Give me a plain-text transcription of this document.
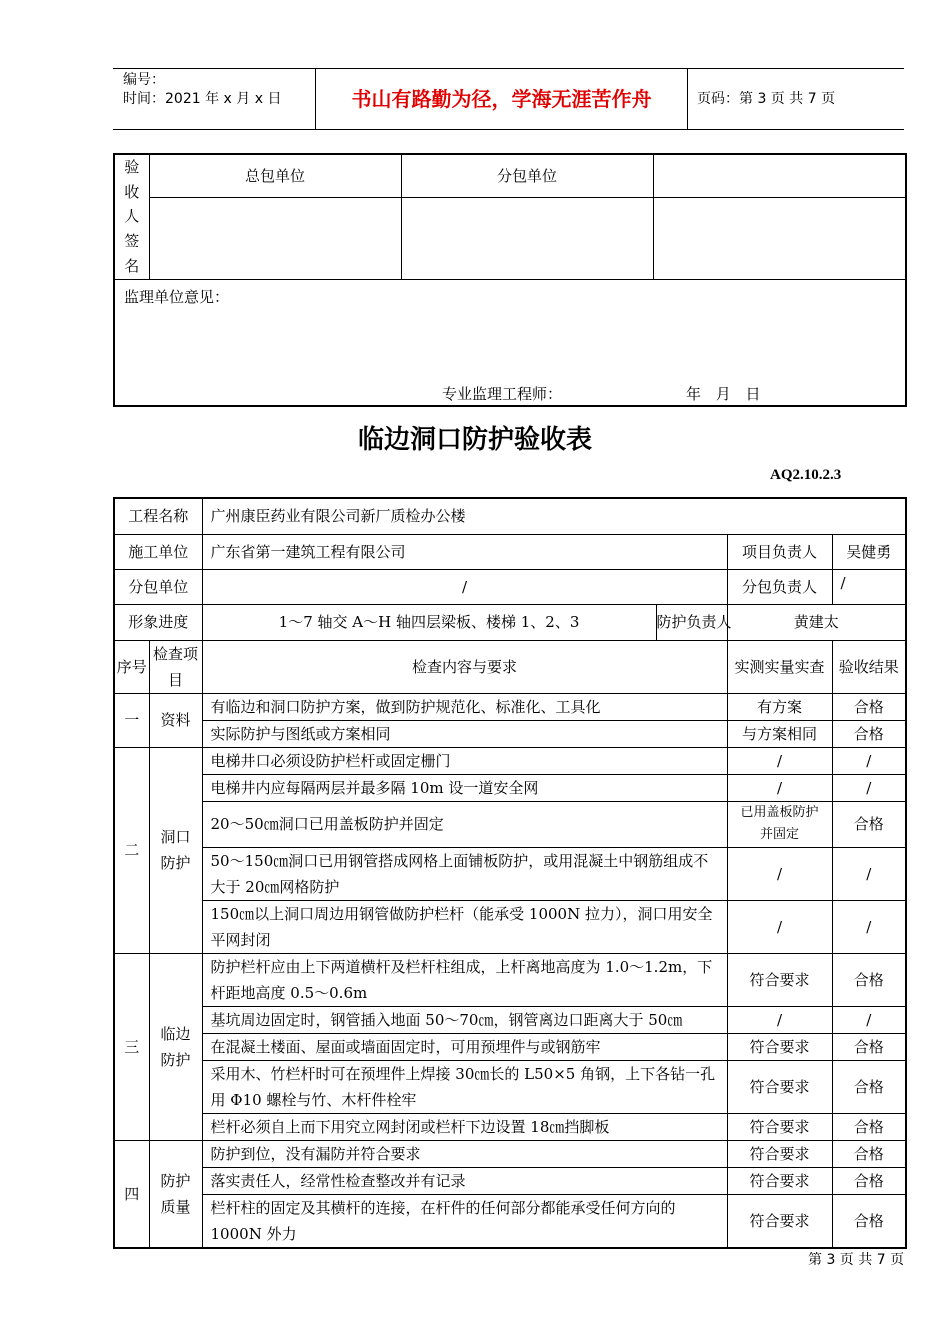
编号：
时间：2021 年 x 月 x 日	书山有路勤为径，学海无涯苦作舟	页码：第 3 页 共 7 页
验
收
人
签
名	总包单位	分包单位	

监理单位意见：
专业监理工程师： 年 月 日			
临边洞口防护验收表
AQ2.10.2.3
工程名称		广州康臣药业有限公司新厂质检办公楼			
施工单位		广东省第一建筑工程有限公司		项目负责人	吴健勇
分包单位		/		分包负责人	/
形象进度		1～7 轴交 A～H 轴四层梁板、楼梯 1、2、3	防护负责人	黄建太	
序号	检查项目	检查内容与要求		实测实量实查	验收结果
一	资料	有临边和洞口防护方案，做到防护规范化、标准化、工具化		有方案	合格
		实际防护与图纸或方案相同		与方案相同	合格
二	洞口防护	电梯井口必须设防护栏杆或固定栅门		/	/
		电梯井内应每隔两层并最多隔 10m 设一道安全网		/	/
		20～50㎝洞口已用盖板防护并固定		已用盖板防护并固定	合格
		50～150㎝洞口已用钢管搭成网格上面铺板防护，或用混凝土中钢筋组成不大于 20㎝网格防护		/	/
		150㎝以上洞口周边用钢管做防护栏杆（能承受 1000N 拉力），洞口用安全平网封闭		/	/
三	临边防护	防护栏杆应由上下两道横杆及栏杆柱组成，上杆离地高度为 1.0～1.2m，下杆距地高度 0.5～0.6m		符合要求	合格
		基坑周边固定时，钢管插入地面 50～70㎝，钢管离边口距离大于 50㎝		/	/
		在混凝土楼面、屋面或墙面固定时，可用预埋件与或钢筋牢		符合要求	合格
		采用木、竹栏杆时可在预埋件上焊接 30㎝长的 L50×5 角钢，上下各钻一孔用 Φ10 螺栓与竹、木杆件栓牢		符合要求	合格
		栏杆必须自上而下用究立网封闭或栏杆下边设置 18㎝挡脚板		符合要求	合格
四	防护质量	防护到位，没有漏防并符合要求		符合要求	合格
		落实责任人，经常性检查整改并有记录		符合要求	合格
		栏杆柱的固定及其横杆的连接，在杆件的任何部分都能承受任何方向的 1000N 外力		符合要求	合格
第 3 页 共 7 页
